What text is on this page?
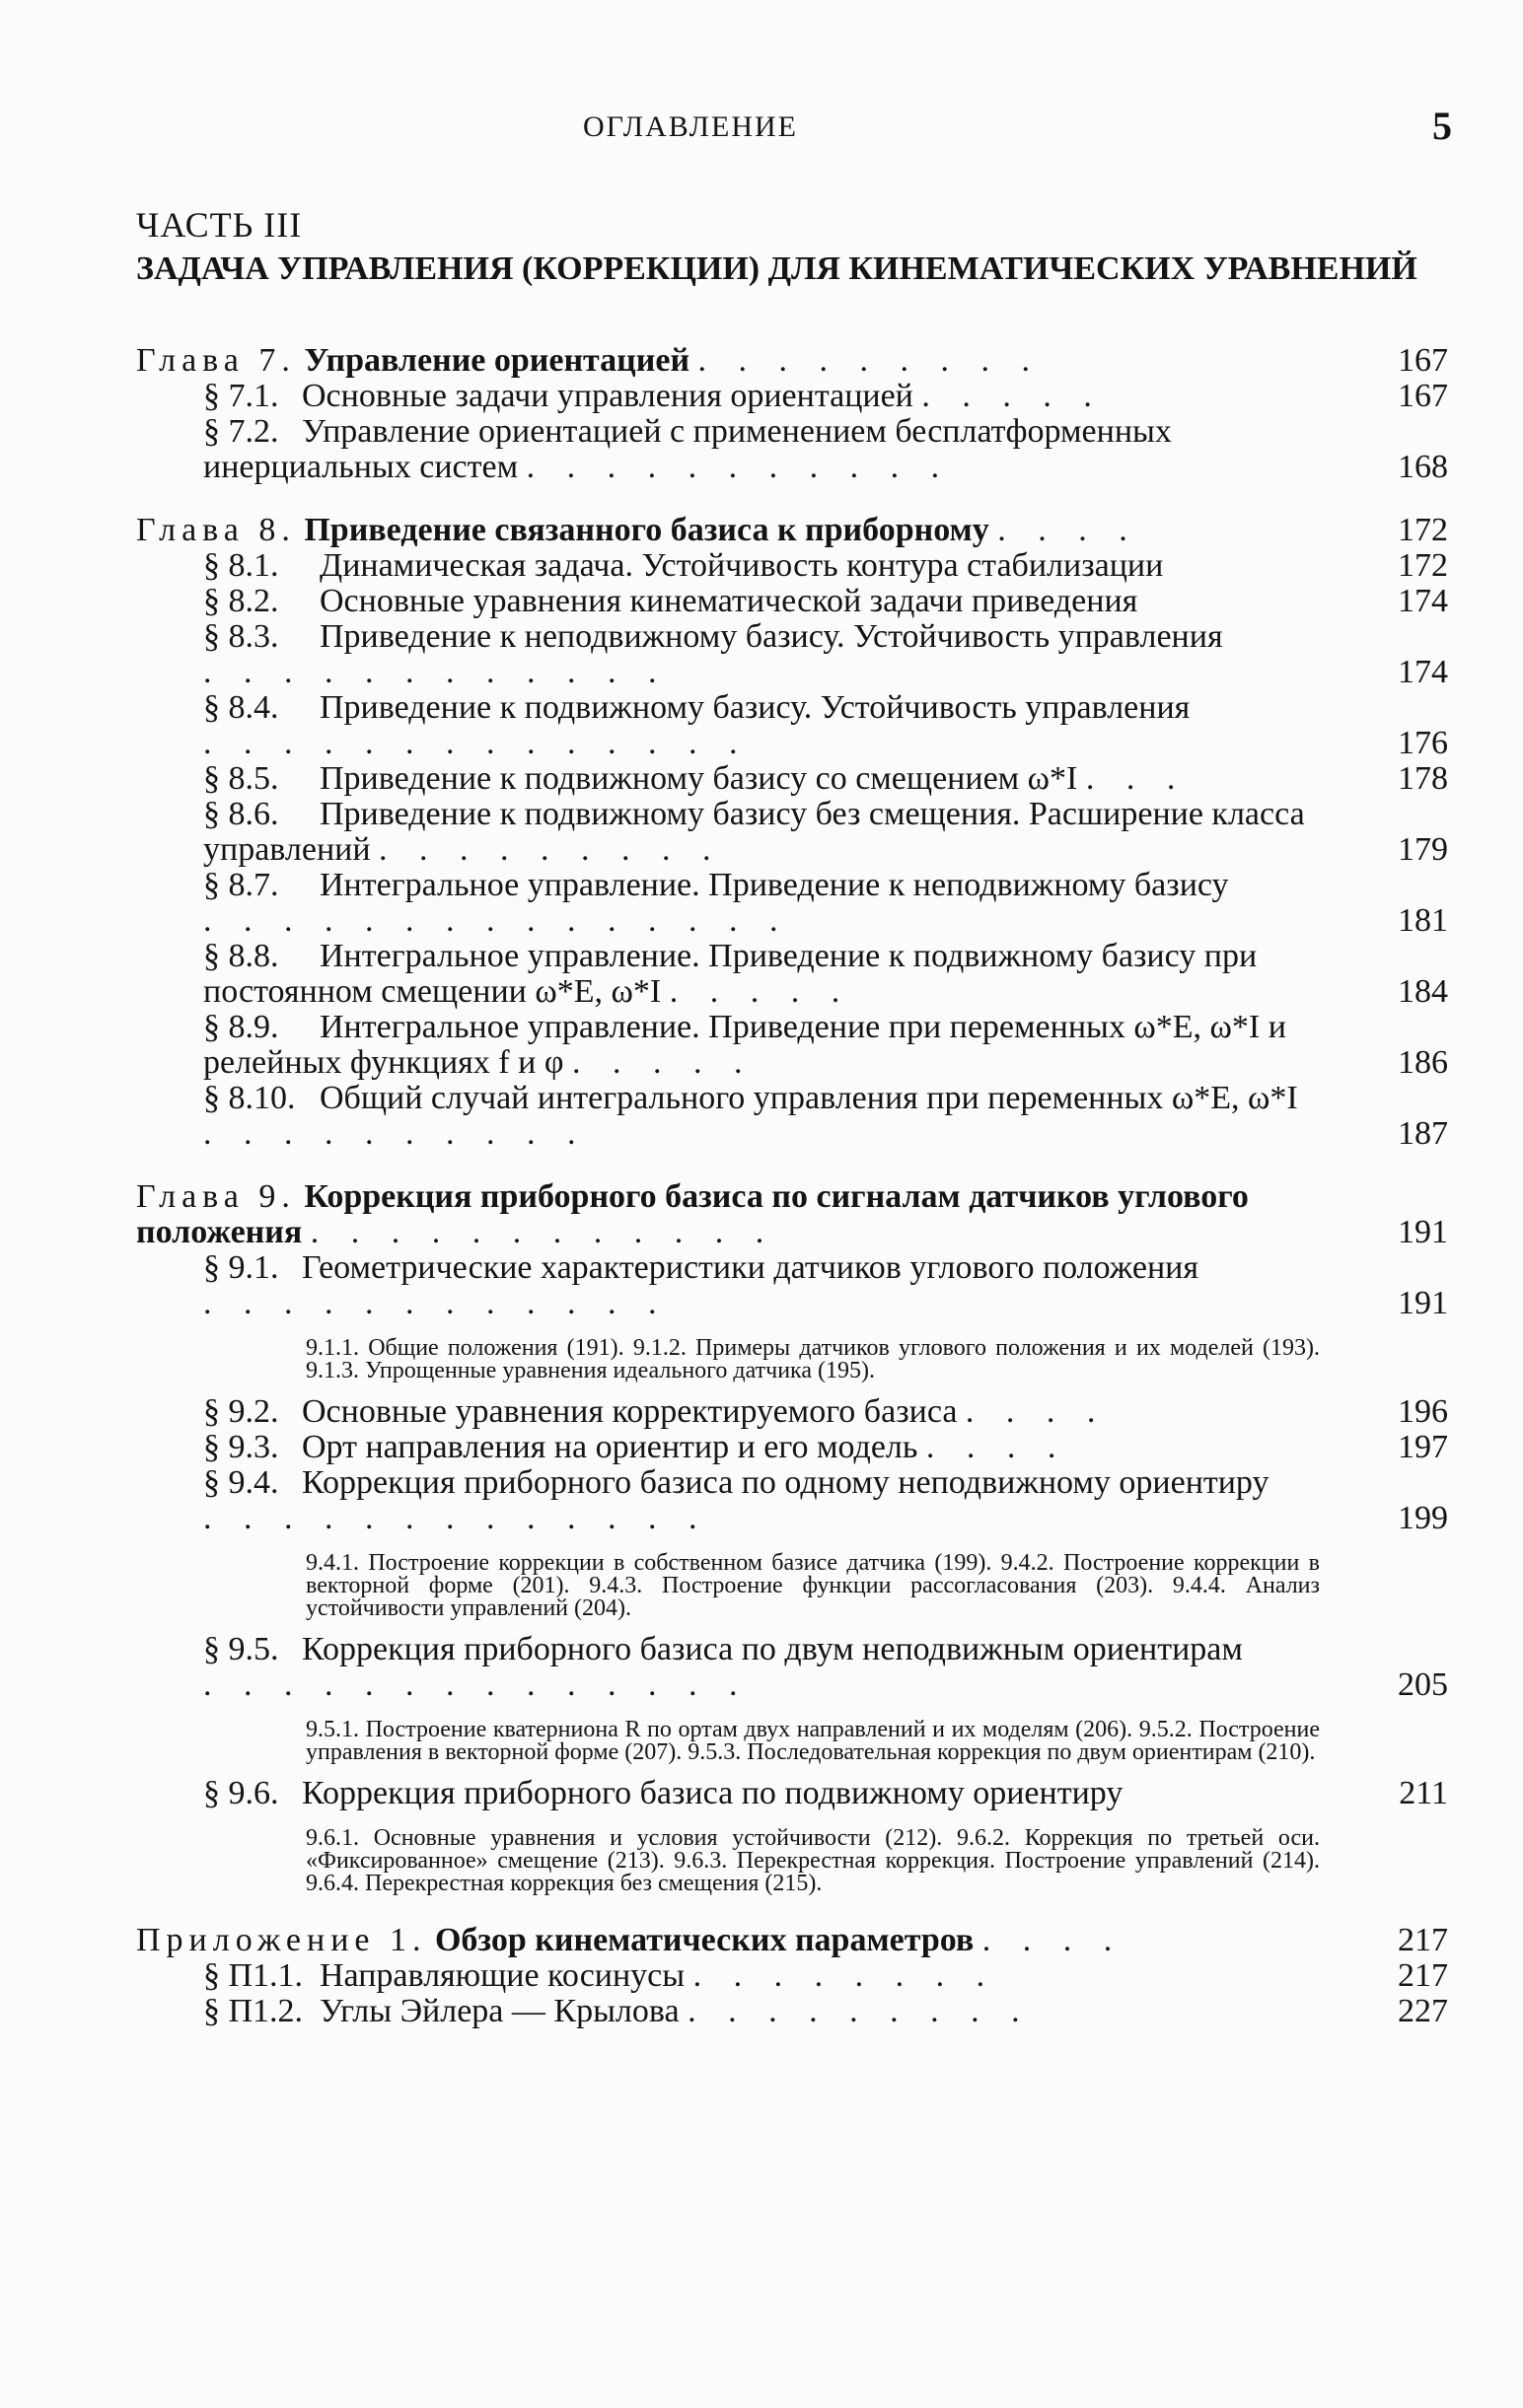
ОГЛАВЛЕНИЕ	5
ЧАСТЬ III
ЗАДАЧА УПРАВЛЕНИЯ (КОРРЕКЦИИ) ДЛЯ КИНЕМАТИЧЕСКИХ УРАВНЕНИЙ
Глава 7. Управление ориентацией . . . . . . . . .	167
§ 7.1. Основные задачи управления ориентацией . . . . .	167
§ 7.2. Управление ориентацией с применением бесплатформенных инерциальных систем . . . . . . . . . . .	168
Глава 8. Приведение связанного базиса к приборному . . . .	172
§ 8.1. Динамическая задача. Устойчивость контура стабилизации	172
§ 8.2. Основные уравнения кинематической задачи приведения	174
§ 8.3. Приведение к неподвижному базису. Устойчивость управления . . . . . . . . . . . .	174
§ 8.4. Приведение к подвижному базису. Устойчивость управления . . . . . . . . . . . . . .	176
§ 8.5. Приведение к подвижному базису со смещением ω*I . . .	178
§ 8.6. Приведение к подвижному базису без смещения. Расширение класса управлений . . . . . . . . .	179
§ 8.7. Интегральное управление. Приведение к неподвижному базису . . . . . . . . . . . . . . .	181
§ 8.8. Интегральное управление. Приведение к подвижному базису при постоянном смещении ω*E, ω*I . . . . .	184
§ 8.9. Интегральное управление. Приведение при переменных ω*E, ω*I и релейных функциях f и φ . . . . .	186
§ 8.10. Общий случай интегрального управления при переменных ω*E, ω*I . . . . . . . . . .	187
Глава 9. Коррекция приборного базиса по сигналам датчиков углового положения . . . . . . . . . . . .	191
§ 9.1. Геометрические характеристики датчиков углового положения . . . . . . . . . . . .	191
9.1.1. Общие положения (191). 9.1.2. Примеры датчиков углового положения и их моделей (193). 9.1.3. Упрощенные уравнения идеального датчика (195).
§ 9.2. Основные уравнения корректируемого базиса . . . .	196
§ 9.3. Орт направления на ориентир и его модель . . . .	197
§ 9.4. Коррекция приборного базиса по одному неподвижному ориентиру . . . . . . . . . . . . .	199
9.4.1. Построение коррекции в собственном базисе датчика (199). 9.4.2. Построение коррекции в векторной форме (201). 9.4.3. Построение функции рассогласования (203). 9.4.4. Анализ устойчивости управлений (204).
§ 9.5. Коррекция приборного базиса по двум неподвижным ориентирам . . . . . . . . . . . . . .	205
9.5.1. Построение кватерниона R по ортам двух направлений и их моделям (206). 9.5.2. Построение управления в векторной форме (207). 9.5.3. Последовательная коррекция по двум ориентирам (210).
§ 9.6. Коррекция приборного базиса по подвижному ориентиру	211
9.6.1. Основные уравнения и условия устойчивости (212). 9.6.2. Коррекция по третьей оси. «Фиксированное» смещение (213). 9.6.3. Перекрестная коррекция. Построение управлений (214). 9.6.4. Перекрестная коррекция без смещения (215).
Приложение 1. Обзор кинематических параметров . . . .	217
§ П1.1. Направляющие косинусы . . . . . . . .	217
§ П1.2. Углы Эйлера — Крылова . . . . . . . . .	227
